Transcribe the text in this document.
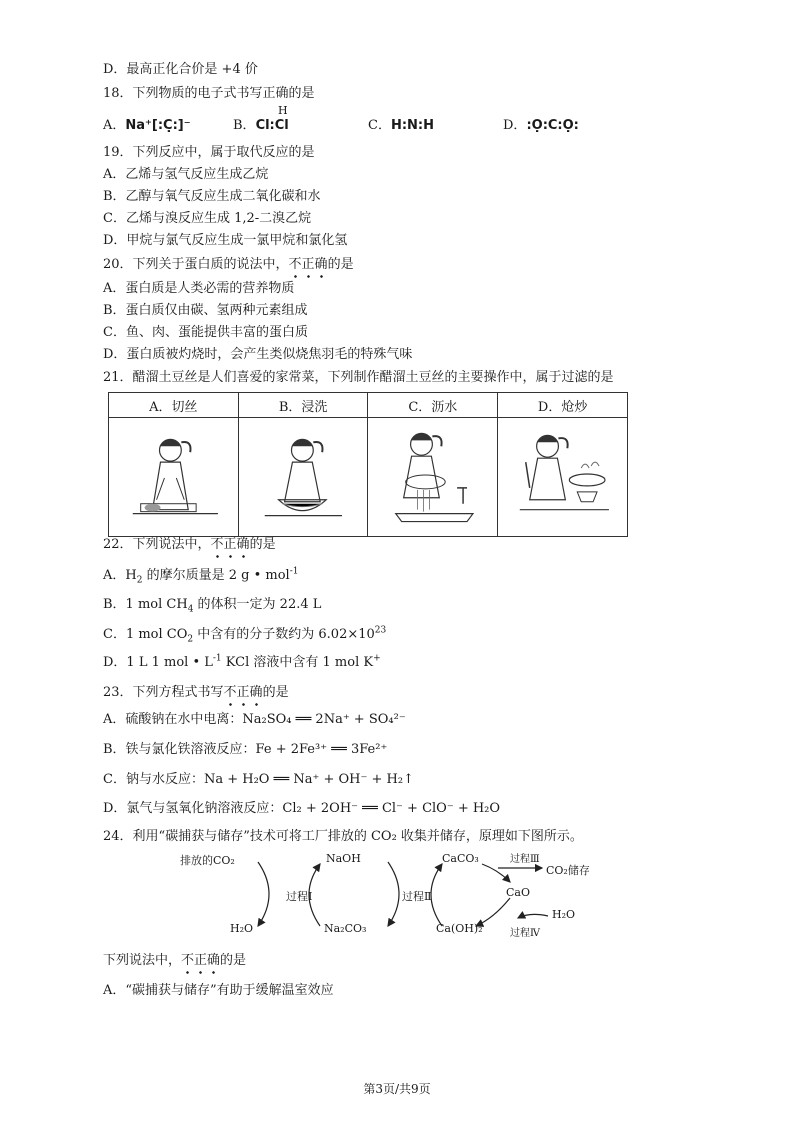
D．最高正化合价是 +4 价
18．下列物质的电子式书写正确的是
H
A．Na⁺[:C̣:]⁻	B．Cl:Cl	C．H:N:H	D．:Ọ:C:Ọ:
19．下列反应中，属于取代反应的是
A．乙烯与氢气反应生成乙烷
B．乙醇与氧气反应生成二氧化碳和水
C．乙烯与溴反应生成 1,2-二溴乙烷
D．甲烷与氯气反应生成一氯甲烷和氯化氢
20．下列关于蛋白质的说法中，不正确的是
A．蛋白质是人类必需的营养物质
B．蛋白质仅由碳、氢两种元素组成
C．鱼、肉、蛋能提供丰富的蛋白质
D．蛋白质被灼烧时，会产生类似烧焦羽毛的特殊气味
21．醋溜土豆丝是人们喜爱的家常菜，下列制作醋溜土豆丝的主要操作中，属于过滤的是
A．切丝	B．浸洗	C．沥水	D．炝炒

22．下列说法中，不正确的是
A．$H_2$ 的摩尔质量是 2 g • mol$^{-1}$
B．1 mol $CH_4$ 的体积一定为 22.4 L
C．1 mol $CO_2$ 中含有的分子数约为 $6.02\times 10^{23}$
D．1 L 1 mol • $L^{-1}$ KCl 溶液中含有 1 mol K+
23．下列方程式书写不正确的是
A．硫酸钠在水中电离：Na₂SO₄ ══ 2Na⁺ + SO₄²⁻
B．铁与氯化铁溶液反应：Fe + 2Fe³⁺ ══ 3Fe²⁺
C．钠与水反应：Na + H₂O ══ Na⁺ + OH⁻ + H₂↑
D．氯气与氢氧化钠溶液反应：Cl₂ + 2OH⁻ ══ Cl⁻ + ClO⁻ + H₂O
24．利用“碳捕获与储存”技术可将工厂排放的 CO₂ 收集并储存，原理如下图所示。
排放的CO₂	NaOH	CaCO₃	过程Ⅲ
CO₂储存
过程Ⅰ	过程Ⅱ	CaO
H₂O	Na₂CO₃	Ca(OH)₂	过程Ⅳ
H₂O
下列说法中，不正确的是
A．“碳捕获与储存”有助于缓解温室效应
第3页/共9页
